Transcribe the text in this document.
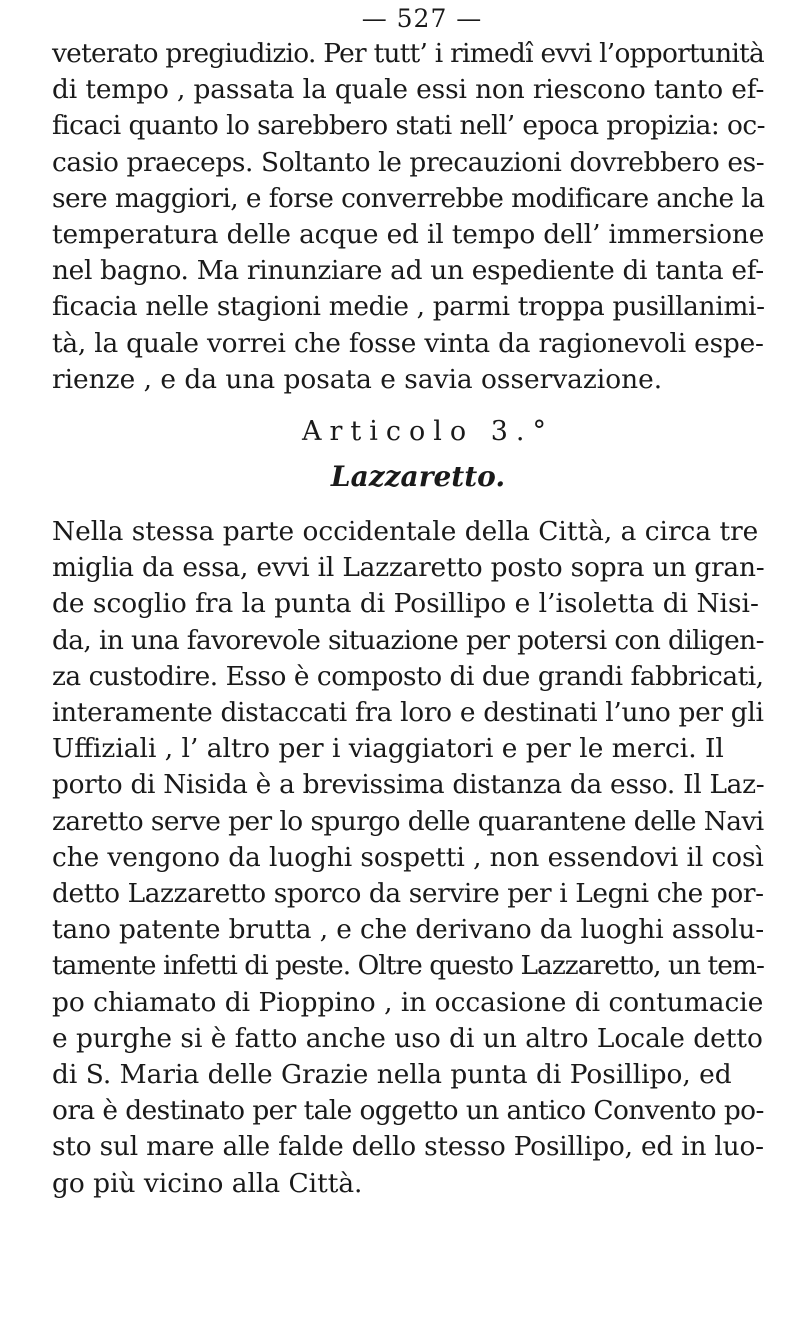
— 527 —

veterato pregiudizio. Per tutt’ i rimedî evvi l’opportunità
di tempo , passata la quale essi non riescono tanto ef-
ficaci quanto lo sarebbero stati nell’ epoca propizia: oc-
casio praeceps. Soltanto le precauzioni dovrebbero es-
sere maggiori, e forse converrebbe modificare anche la
temperatura delle acque ed il tempo dell’ immersione
nel bagno. Ma rinunziare ad un espediente di tanta ef-
ficacia nelle stagioni medie , parmi troppa pusillanimi-
tà, la quale vorrei che fosse vinta da ragionevoli espe-
rienze , e da una posata e savia osservazione.

Articolo 3.°
Lazzaretto.

Nella stessa parte occidentale della Città, a circa tre
miglia da essa, evvi il Lazzaretto posto sopra un gran-
de scoglio fra la punta di Posillipo e l’isoletta di Nisi-
da, in una favorevole situazione per potersi con diligen-
za custodire. Esso è composto di due grandi fabbricati,
interamente distaccati fra loro e destinati l’uno per gli
Uffiziali , l’ altro per i viaggiatori e per le merci. Il
porto di Nisida è a brevissima distanza da esso. Il Laz-
zaretto serve per lo spurgo delle quarantene delle Navi
che vengono da luoghi sospetti , non essendovi il così
detto Lazzaretto sporco da servire per i Legni che por-
tano patente brutta , e che derivano da luoghi assolu-
tamente infetti di peste. Oltre questo Lazzaretto, un tem-
po chiamato di Pioppino , in occasione di contumacie
e purghe si è fatto anche uso di un altro Locale detto
di S. Maria delle Grazie nella punta di Posillipo, ed
ora è destinato per tale oggetto un antico Convento po-
sto sul mare alle falde dello stesso Posillipo, ed in luo-
go più vicino alla Città.
